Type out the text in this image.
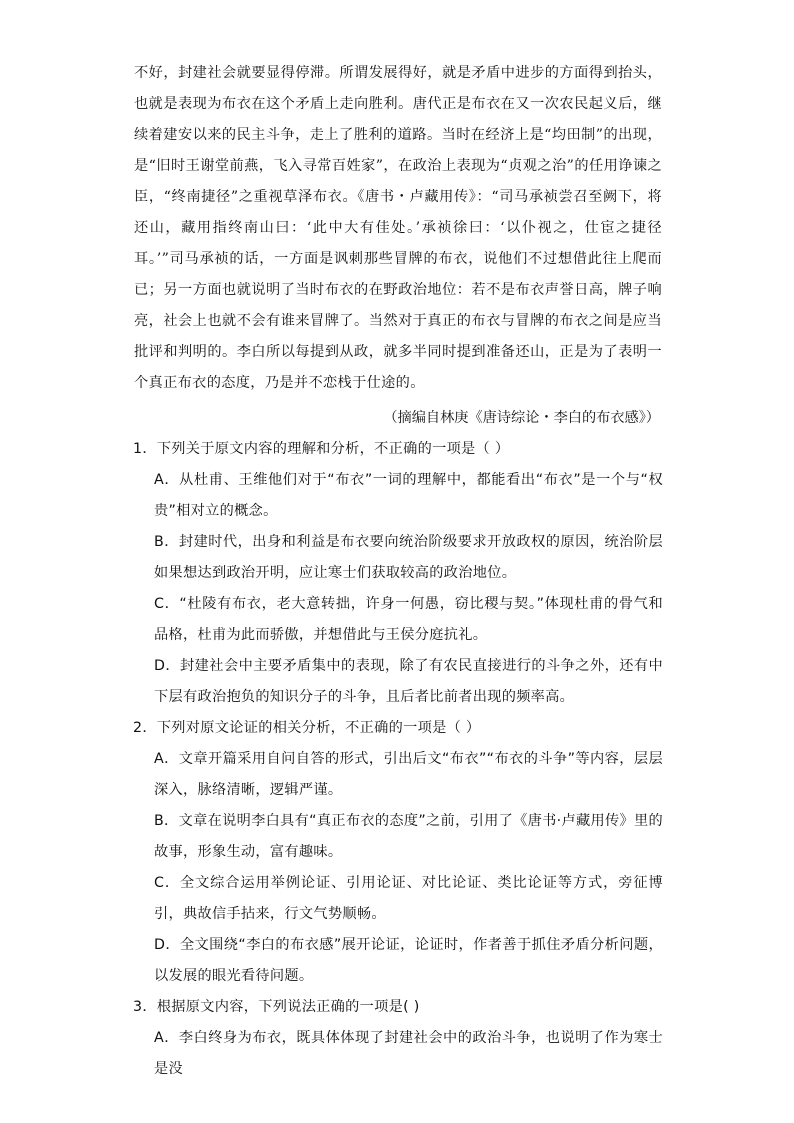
不好，封建社会就要显得停滞。所谓发展得好，就是矛盾中进步的方面得到抬头，也就是表现为布衣在这个矛盾上走向胜利。唐代正是布衣在又一次农民起义后，继续着建安以来的民主斗争，走上了胜利的道路。当时在经济上是“均田制”的出现，是“旧时王谢堂前燕，飞入寻常百姓家”，在政治上表现为“贞观之治”的任用诤谏之臣，“终南捷径”之重视草泽布衣。《唐书・卢藏用传》：“司马承祯尝召至阙下，将还山，藏用指终南山曰：‘此中大有佳处。’承祯徐曰：‘以仆视之，仕宦之捷径耳。’”司马承祯的话，一方面是讽刺那些冒牌的布衣，说他们不过想借此往上爬而已；另一方面也就说明了当时布衣的在野政治地位：若不是布衣声誉日高，牌子响亮，社会上也就不会有谁来冒牌了。当然对于真正的布衣与冒牌的布衣之间是应当批评和判明的。李白所以每提到从政，就多半同时提到准备还山，正是为了表明一个真正布衣的态度，乃是并不恋栈于仕途的。

（摘编自林庚《唐诗综论・李白的布衣感》）

1．下列关于原文内容的理解和分析，不正确的一项是（ ）

A．从杜甫、王维他们对于“布衣”一词的理解中，都能看出“布衣”是一个与“权贵”相对立的概念。

B．封建时代，出身和利益是布衣要向统治阶级要求开放政权的原因，统治阶层如果想达到政治开明，应让寒士们获取较高的政治地位。

C．“杜陵有布衣，老大意转拙，许身一何愚，窃比稷与契。”体现杜甫的骨气和品格，杜甫为此而骄傲，并想借此与王侯分庭抗礼。

D．封建社会中主要矛盾集中的表现，除了有农民直接进行的斗争之外，还有中下层有政治抱负的知识分子的斗争，且后者比前者出现的频率高。

2．下列对原文论证的相关分析，不正确的一项是（ ）

A．文章开篇采用自问自答的形式，引出后文“布衣”“布衣的斗争”等内容，层层深入，脉络清晰，逻辑严谨。

B．文章在说明李白具有“真正布衣的态度”之前，引用了《唐书·卢藏用传》里的故事，形象生动，富有趣味。

C．全文综合运用举例论证、引用论证、对比论证、类比论证等方式，旁征博引，典故信手拈来，行文气势顺畅。

D．全文围绕“李白的布衣感”展开论证，论证时，作者善于抓住矛盾分析问题，以发展的眼光看待问题。

3．根据原文内容，下列说法正确的一项是( )

A．李白终身为布衣，既具体体现了封建社会中的政治斗争，也说明了作为寒士是没
